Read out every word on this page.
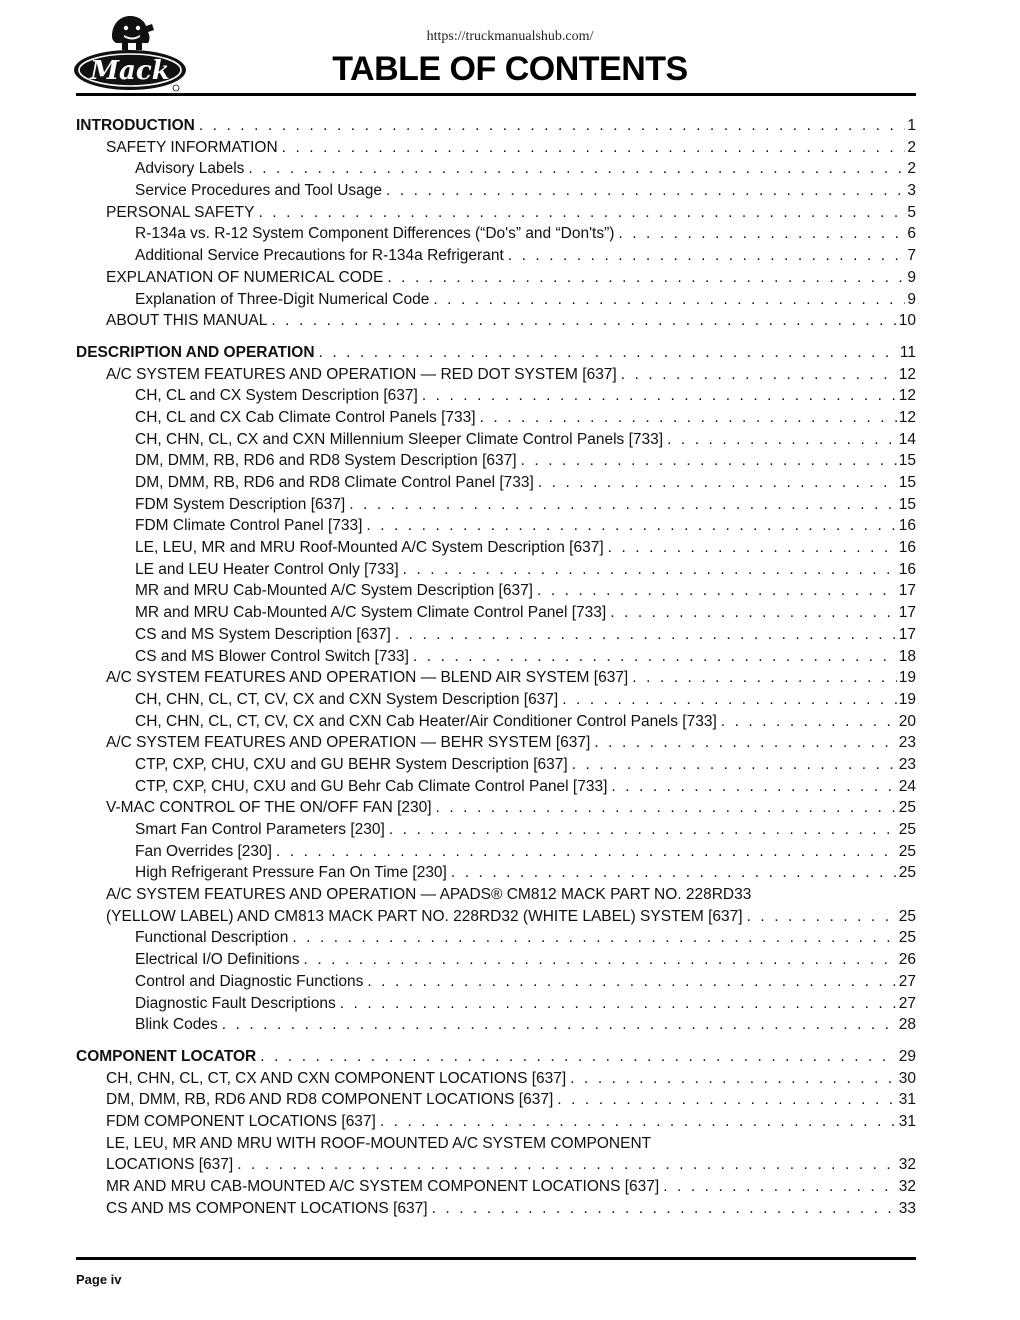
https://truckmanualshub.com/
Mack	TABLE OF CONTENTS
INTRODUCTION . . .	1
SAFETY INFORMATION . . .	2
Advisory Labels . . .	2
Service Procedures and Tool Usage . . .	3
PERSONAL SAFETY . . .	5
R-134a vs. R-12 System Component Differences (“Do's” and “Don'ts”) . . .	6
Additional Service Precautions for R-134a Refrigerant . . .	7
EXPLANATION OF NUMERICAL CODE . . .	9
Explanation of Three-Digit Numerical Code . . .	9
ABOUT THIS MANUAL . . .	10
DESCRIPTION AND OPERATION . . .	11
A/C SYSTEM FEATURES AND OPERATION — RED DOT SYSTEM [637] . . .	12
CH, CL and CX System Description [637] . . .	12
CH, CL and CX Cab Climate Control Panels [733] . . .	12
CH, CHN, CL, CX and CXN Millennium Sleeper Climate Control Panels [733] . . .	14
DM, DMM, RB, RD6 and RD8 System Description [637] . . .	15
DM, DMM, RB, RD6 and RD8 Climate Control Panel [733] . . .	15
FDM System Description [637] . . .	15
FDM Climate Control Panel [733] . . .	16
LE, LEU, MR and MRU Roof-Mounted A/C System Description [637] . . .	16
LE and LEU Heater Control Only [733] . . .	16
MR and MRU Cab-Mounted A/C System Description [637] . . .	17
MR and MRU Cab-Mounted A/C System Climate Control Panel [733] . . .	17
CS and MS System Description [637] . . .	17
CS and MS Blower Control Switch [733] . . .	18
A/C SYSTEM FEATURES AND OPERATION — BLEND AIR SYSTEM [637] . . .	19
CH, CHN, CL, CT, CV, CX and CXN System Description [637] . . .	19
CH, CHN, CL, CT, CV, CX and CXN Cab Heater/Air Conditioner Control Panels [733] . . .	20
A/C SYSTEM FEATURES AND OPERATION — BEHR SYSTEM [637] . . .	23
CTP, CXP, CHU, CXU and GU BEHR System Description [637] . . .	23
CTP, CXP, CHU, CXU and GU Behr Cab Climate Control Panel [733] . . .	24
V-MAC CONTROL OF THE ON/OFF FAN [230] . . .	25
Smart Fan Control Parameters [230] . . .	25
Fan Overrides [230] . . .	25
High Refrigerant Pressure Fan On Time [230] . . .	25
A/C SYSTEM FEATURES AND OPERATION — APADS® CM812 MACK PART NO. 228RD33
(YELLOW LABEL) AND CM813 MACK PART NO. 228RD32 (WHITE LABEL) SYSTEM [637] . . .	25
Functional Description . . .	25
Electrical I/O Definitions . . .	26
Control and Diagnostic Functions . . .	27
Diagnostic Fault Descriptions . . .	27
Blink Codes . . .	28
COMPONENT LOCATOR . . .	29
CH, CHN, CL, CT, CX AND CXN COMPONENT LOCATIONS [637] . . .	30
DM, DMM, RB, RD6 AND RD8 COMPONENT LOCATIONS [637] . . .	31
FDM COMPONENT LOCATIONS [637] . . .	31
LE, LEU, MR AND MRU WITH ROOF-MOUNTED A/C SYSTEM COMPONENT
LOCATIONS [637] . . .	32
MR AND MRU CAB-MOUNTED A/C SYSTEM COMPONENT LOCATIONS [637] . . .	32
CS AND MS COMPONENT LOCATIONS [637] . . .	33
Page iv
